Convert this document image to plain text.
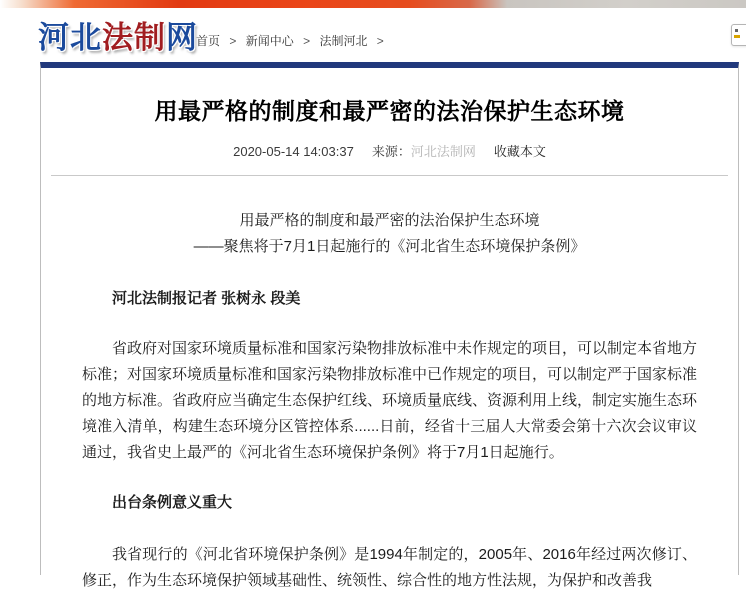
河北法制网
首页 > 新闻中心 > 法制河北 >
用最严格的制度和最严密的法治保护生态环境
2020-05-14 14:03:37 来源：河北法制网 收藏本文

用最严格的制度和最严密的法治保护生态环境

——聚焦将于7月1日起施行的《河北省生态环境保护条例》

河北法制报记者 张树永 段美

省政府对国家环境质量标准和国家污染物排放标准中未作规定的项目，可以制定本省地方标准；对国家环境质量标准和国家污染物排放标准中已作规定的项目，可以制定严于国家标准的地方标准。省政府应当确定生态保护红线、环境质量底线、资源利用上线，制定实施生态环境准入清单，构建生态环境分区管控体系......日前，经省十三届人大常委会第十六次会议审议通过，我省史上最严的《河北省生态环境保护条例》将于7月1日起施行。

出台条例意义重大

我省现行的《河北省环境保护条例》是1994年制定的，2005年、2016年经过两次修订、修正，作为生态环境保护领域基础性、统领性、综合性的地方性法规，为保护和改善我
